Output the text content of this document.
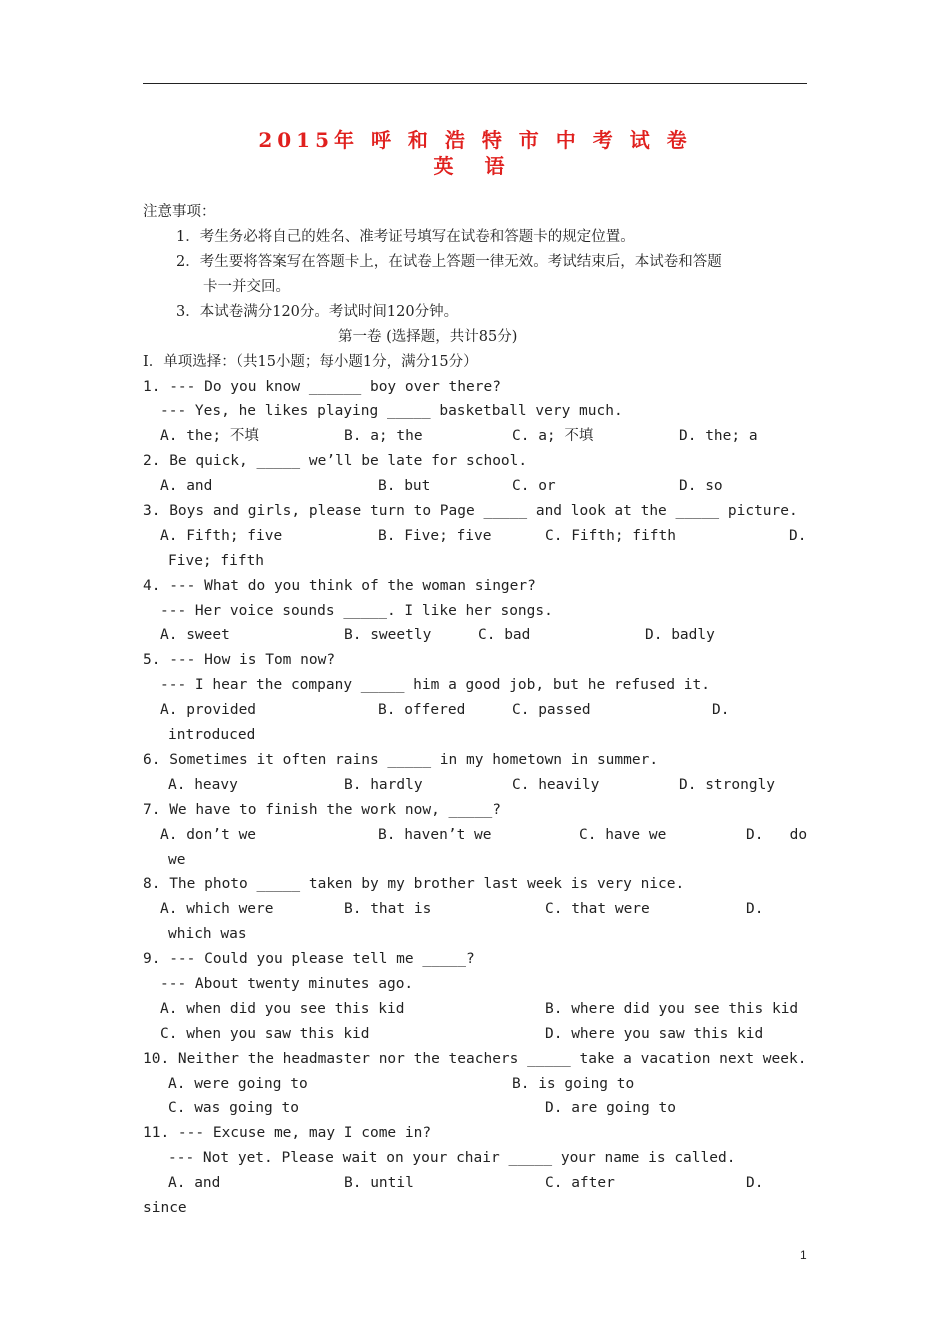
2015年 呼 和 浩 特 市 中 考 试 卷
英 语
注意事项：
1．考生务必将自己的姓名、准考证号填写在试卷和答题卡的规定位置。
2．考生要将答案写在答题卡上，在试卷上答题一律无效。考试结束后，本试卷和答题
卡一并交回。
3．本试卷满分120分。考试时间120分钟。
第一卷 (选择题，共计85分)
I．单项选择：（共15小题；每小题1分，满分15分）
1. --- Do you know ______ boy over there?
--- Yes, he likes playing _____ basketball very much.
A. the; 不填	B. a; the	C. a; 不填	D. the; a
2. Be quick, _____ we’ll be late for school.
A. and	B. but	C. or	D. so
3. Boys and girls, please turn to Page _____ and look at the _____ picture.
A. Fifth; five	B. Five; five	C. Fifth; fifth	D.
Five; fifth
4. --- What do you think of the woman singer?
--- Her voice sounds _____. I like her songs.
A. sweet	B. sweetly	C. bad	D. badly
5. --- How is Tom now?
--- I hear the company _____ him a good job, but he refused it.
A. provided	B. offered	C. passed	D.
introduced
6. Sometimes it often rains _____ in my hometown in summer.
A. heavy	B. hardly	C. heavily	D. strongly
7. We have to finish the work now, _____?
A. don’t we	B. haven’t we	C. have we	D.   do
we
8. The photo _____ taken by my brother last week is very nice.
A. which were	B. that is	C. that were	D.
which was
9. --- Could you please tell me _____?
--- About twenty minutes ago.
A. when did you see this kid	B. where did you see this kid
C. when you saw this kid	D. where you saw this kid
10. Neither the headmaster nor the teachers _____ take a vacation next week.
A. were going to	B. is going to
C. was going to	D. are going to
11. --- Excuse me, may I come in?
--- Not yet. Please wait on your chair _____ your name is called.
A. and	B. until	C. after	D.
since
1
